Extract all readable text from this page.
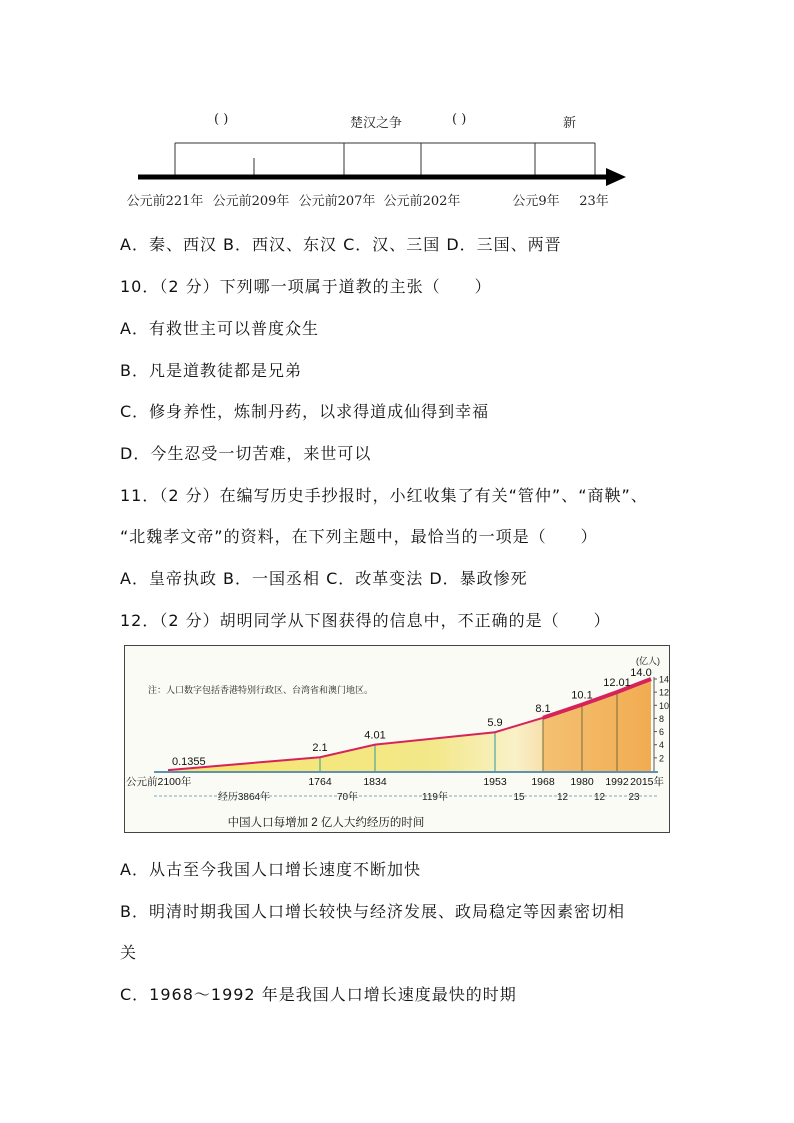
( )	楚汉之争	( )	新
公元前221年 公元前209年 公元前207年 公元前202年	公元9年 23年
A．秦、西汉 B．西汉、东汉 C．汉、三国 D．三国、两晋
10．（2 分）下列哪一项属于道教的主张（　　）
A．有救世主可以普度众生
B．凡是道教徒都是兄弟
C．修身养性，炼制丹药，以求得道成仙得到幸福
D．今生忍受一切苦难，来世可以
11．（2 分）在编写历史手抄报时，小红收集了有关“管仲”、“商鞅”、
“北魏孝文帝”的资料，在下列主题中，最恰当的一项是（　　）
A．皇帝执政 B．一国丞相 C．改革变法 D．暴政惨死
12．（2 分）胡明同学从下图获得的信息中，不正确的是（　　）
注：人口数字包括香港特别行政区、台湾省和澳门地区。
0.1355
2.1
4.01
5.9
8.1
10.1
12.01
14.0
14
12
10
8
6
4
2
(亿人)
公元前2100年	1764	1834	1953 1968 1980 1992 2015年
经历3864年	70年	119年	15	12	12 23
中国人口每增加 2 亿人大约经历的时间
A．从古至今我国人口增长速度不断加快
B．明清时期我国人口增长较快与经济发展、政局稳定等因素密切相
关
C．1968～1992 年是我国人口增长速度最快的时期
